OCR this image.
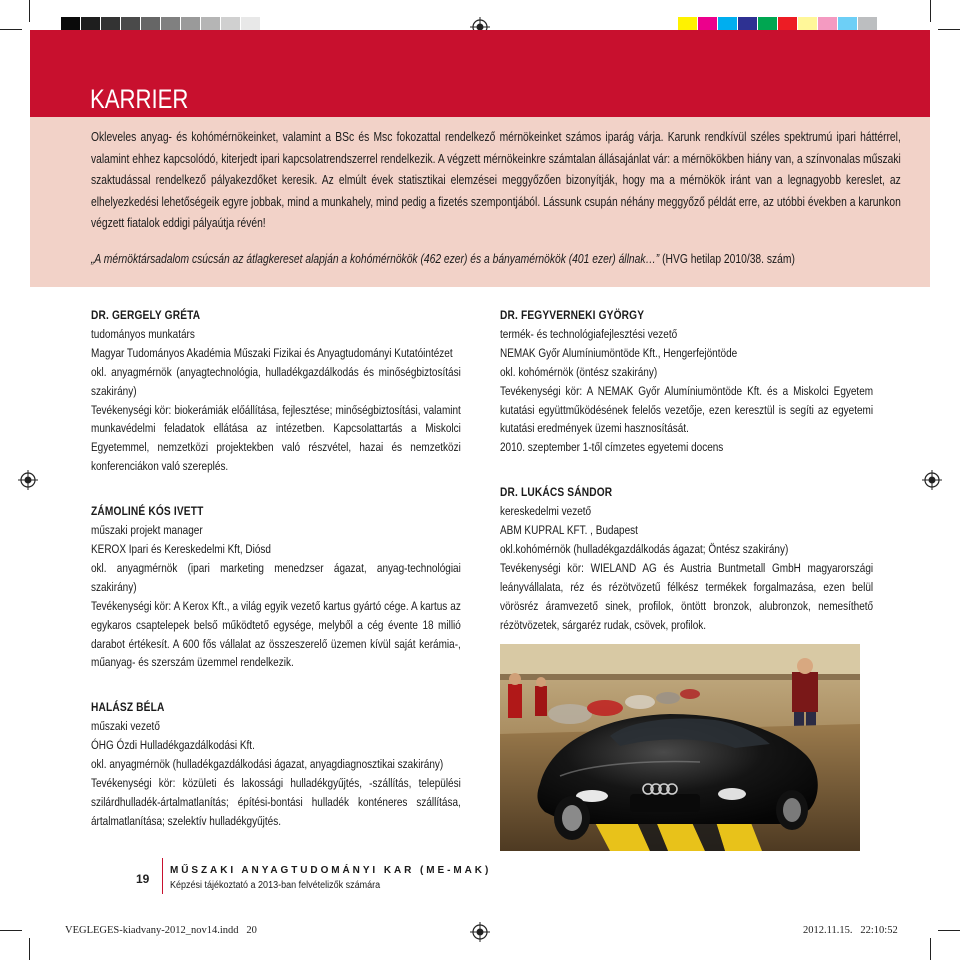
KARRIER

Okleveles anyag- és kohómérnökeinket, valamint a BSc és Msc fokozattal rendelkező mérnökeinket számos iparág várja. Karunk rendkívül széles spektrumú ipari háttérrel, valamint ehhez kapcsolódó, kiterjedt ipari kapcsolatrendszerrel rendelkezik. A végzett mérnökeinkre számtalan állásajánlat vár: a mérnökökben hiány van, a színvonalas műszaki szaktudással rendelkező pályakezdőket keresik. Az elmúlt évek statisztikai elemzései meggyőzően bizonyítják, hogy ma a mérnökök iránt van a legnagyobb kereslet, az elhelyezkedési lehetőségeik egyre jobbak, mind a munkahely, mind pedig a fizetés szempontjából. Lássunk csupán néhány meggyőző példát erre, az utóbbi években a karunkon végzett fiatalok eddigi pályaútja révén!

„A mérnöktársadalom csúcsán az átlagkereset alapján a kohómérnökök (462 ezer) és a bányamérnökök (401 ezer) állnak…” (HVG hetilap 2010/38. szám)
DR. GERGELY GRÉTA

tudományos munkatárs

Magyar Tudományos Akadémia Műszaki Fizikai és Anyagtudományi Kutatóintézet

okl. anyagmérnök (anyagtechnológia, hulladékgazdálkodás és minőségbiztosítási szakirány)

Tevékenységi kör: biokerámiák előállítása, fejlesztése; minőségbiztosítási, valamint munkavédelmi feladatok ellátása az intézetben. Kapcsolattartás a Miskolci Egyetemmel, nemzetközi projektekben való részvétel, hazai és nemzetközi konferenciákon való szereplés.

ZÁMOLINÉ KÓS IVETT

műszaki projekt manager

KEROX Ipari és Kereskedelmi Kft, Diósd

okl. anyagmérnök (ipari marketing menedzser ágazat, anyag-technológiai szakirány)

Tevékenységi kör: A Kerox Kft., a világ egyik vezető kartus gyártó cége. A kartus az egykaros csaptelepek belső működtető egysége, melyből a cég évente 18 millió darabot értékesít. A 600 fős vállalat az összeszerelő üzemen kívül saját kerámia-, műanyag- és szerszám üzemmel rendelkezik.

HALÁSZ BÉLA

műszaki vezető

ÓHG Ózdi Hulladékgazdálkodási Kft.

okl. anyagmérnök (hulladékgazdálkodási ágazat, anyagdiagnosztikai szakirány)

Tevékenységi kör: közületi és lakossági hulladékgyűjtés, -szállítás, települési szilárdhulladék-ártalmatlanítás; építési-bontási hulladék konténeres szállítása, ártalmatlanítása; szelektív hulladékgyűjtés.

DR. FEGYVERNEKI GYÖRGY

termék- és technológiafejlesztési vezető

NEMAK Győr Alumíniumöntöde Kft., Hengerfejöntöde

okl. kohómérnök (öntész szakirány)

Tevékenységi kör: A NEMAK Győr Alumíniumöntöde Kft. és a Miskolci Egyetem kutatási együttműködésének felelős vezetője, ezen keresztül is segíti az egyetemi kutatási eredmények üzemi hasznosítását.

2010. szeptember 1-től címzetes egyetemi docens

DR. LUKÁCS SÁNDOR

kereskedelmi vezető

ABM KUPRAL KFT. , Budapest

okl.kohómérnök (hulladékgazdálkodás ágazat; Öntész szakirány)

Tevékenységi kör: WIELAND AG és Austria Buntmetall GmbH magyarországi leányvállalata, réz és rézötvözetű félkész termékek forgalmazása, ezen belül vörösréz áramvezető sinek, profilok, öntött bronzok, alubronzok, nemesíthető rézötvözetek, sárgaréz rudak, csövek, profilok.

19
MŰSZAKI ANYAGTUDOMÁNYI KAR (ME-MAK)
Képzési tájékoztató a 2013-ban felvételizők számára
VEGLEGES-kiadvany-2012_nov14.indd   20	2012.11.15.   22:10:52
